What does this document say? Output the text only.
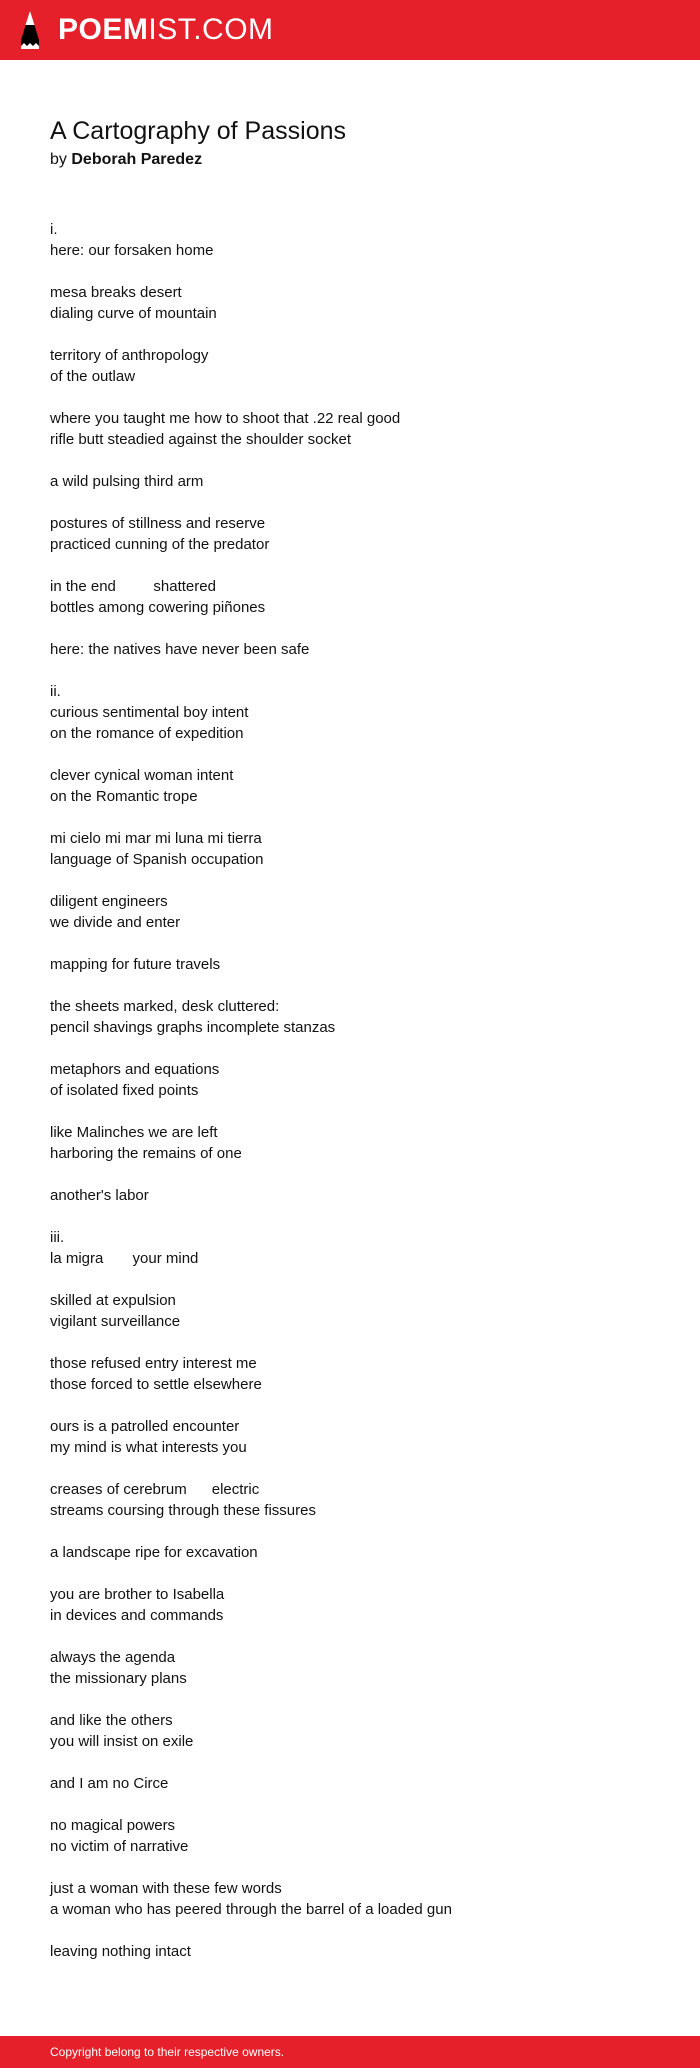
POEMIST.COM
A Cartography of Passions
by Deborah Paredez
i.
here: our forsaken home
mesa breaks desert
dialing curve of mountain
territory of anthropology
of the outlaw
where you taught me how to shoot that .22 real good
rifle butt steadied against the shoulder socket
a wild pulsing third arm
postures of stillness and reserve
practiced cunning of the predator
in the end         shattered
bottles among cowering piñones
here: the natives have never been safe
ii.
curious sentimental boy intent
on the romance of expedition
clever cynical woman intent
on the Romantic trope
mi cielo mi mar mi luna mi tierra
language of Spanish occupation
diligent engineers
we divide and enter
mapping for future travels
the sheets marked, desk cluttered:
pencil shavings graphs incomplete stanzas
metaphors and equations
of isolated fixed points
like Malinches we are left
harboring the remains of one
another's labor
iii.
la migra       your mind
skilled at expulsion
vigilant surveillance
those refused entry interest me
those forced to settle elsewhere
ours is a patrolled encounter
my mind is what interests you
creases of cerebrum      electric
streams coursing through these fissures
a landscape ripe for excavation
you are brother to Isabella
in devices and commands
always the agenda
the missionary plans
and like the others
you will insist on exile
and I am no Circe
no magical powers
no victim of narrative
just a woman with these few words
a woman who has peered through the barrel of a loaded gun
leaving nothing intact
Copyright belong to their respective owners.
